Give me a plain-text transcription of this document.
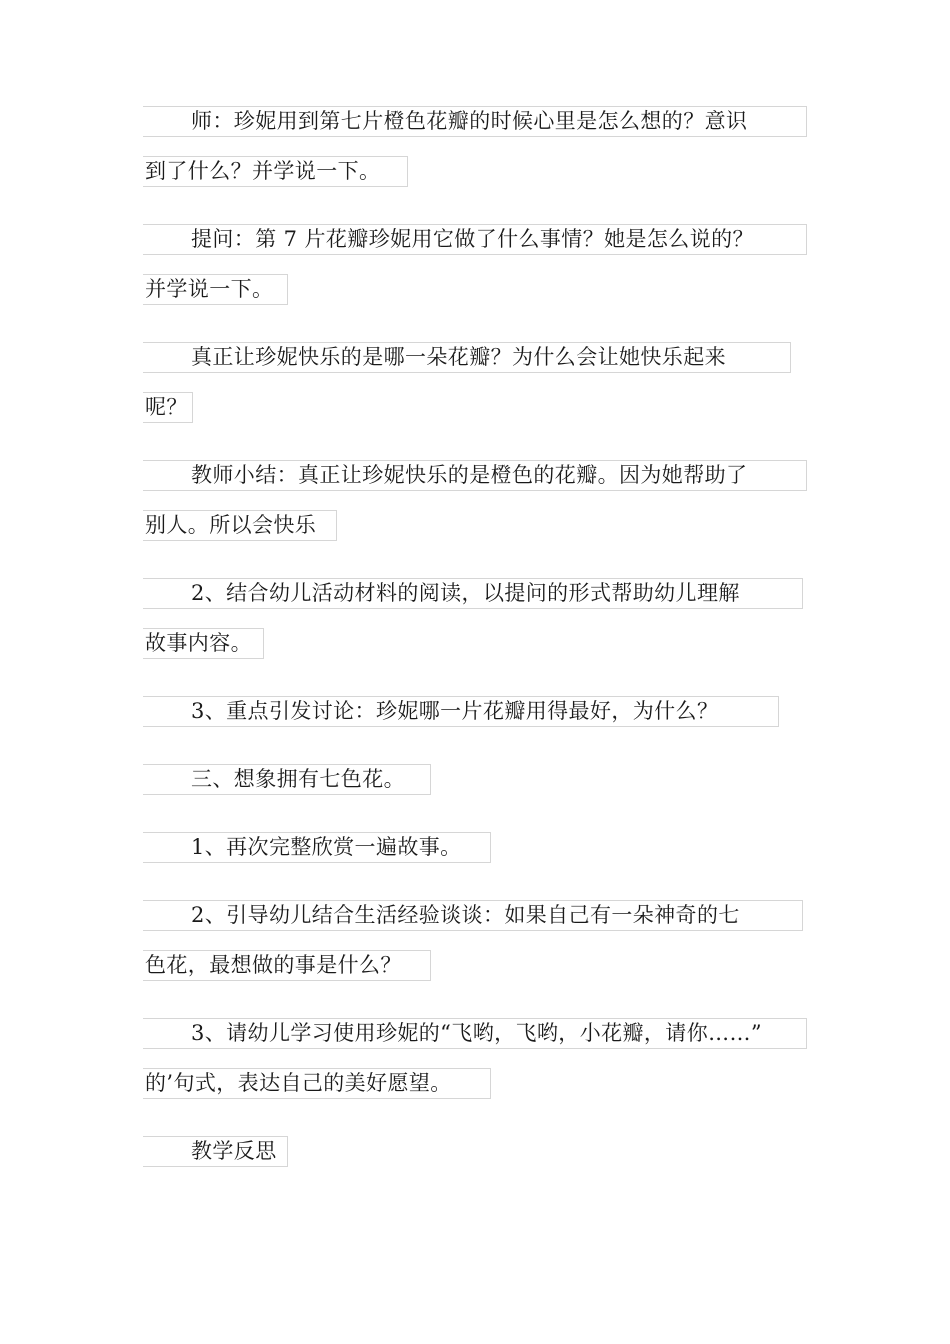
师：珍妮用到第七片橙色花瓣的时候心里是怎么想的？意识
到了什么？并学说一下。
提问：第 7 片花瓣珍妮用它做了什么事情？她是怎么说的？
并学说一下。
真正让珍妮快乐的是哪一朵花瓣？为什么会让她快乐起来
呢？
教师小结：真正让珍妮快乐的是橙色的花瓣。因为她帮助了
别人。所以会快乐
2、结合幼儿活动材料的阅读，以提问的形式帮助幼儿理解
故事内容。
3、重点引发讨论：珍妮哪一片花瓣用得最好，为什么？
三、想象拥有七色花。
1、再次完整欣赏一遍故事。
2、引导幼儿结合生活经验谈谈：如果自己有一朵神奇的七
色花，最想做的事是什么？
3、请幼儿学习使用珍妮的“飞哟，飞哟，小花瓣，请你……”
的’句式，表达自己的美好愿望。
教学反思
